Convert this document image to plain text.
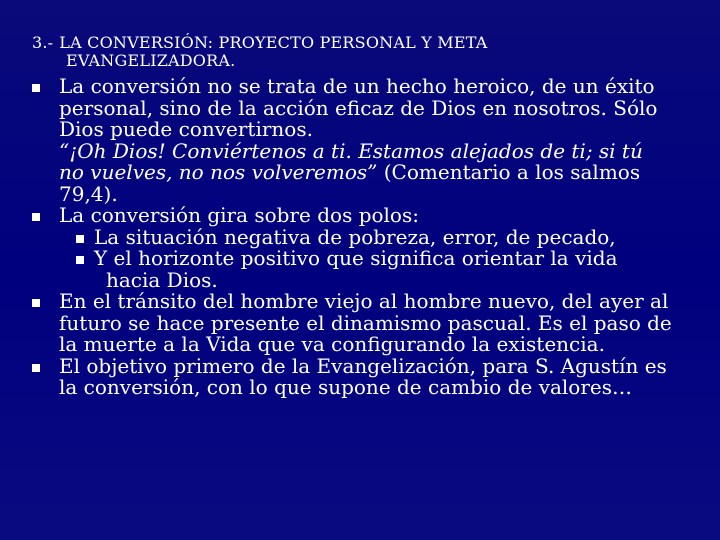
3.- LA CONVERSIÓN: PROYECTO PERSONAL Y META
EVANGELIZADORA.
La conversión no se trata de un hecho heroico, de un éxito
personal, sino de la acción eficaz de Dios en nosotros. Sólo
Dios puede convertirnos.
“¡Oh Dios! Conviértenos a ti. Estamos alejados de ti; si tú
no vuelves, no nos volveremos” (Comentario a los salmos
79,4).
La conversión gira sobre dos polos:
La situación negativa de pobreza, error, de pecado,
Y el horizonte positivo que significa orientar la vida
hacia Dios.
En el tránsito del hombre viejo al hombre nuevo, del ayer al
futuro se hace presente el dinamismo pascual. Es el paso de
la muerte a la Vida que va configurando la existencia.
El objetivo primero de la Evangelización, para S. Agustín es
la conversión, con lo que supone de cambio de valores…
